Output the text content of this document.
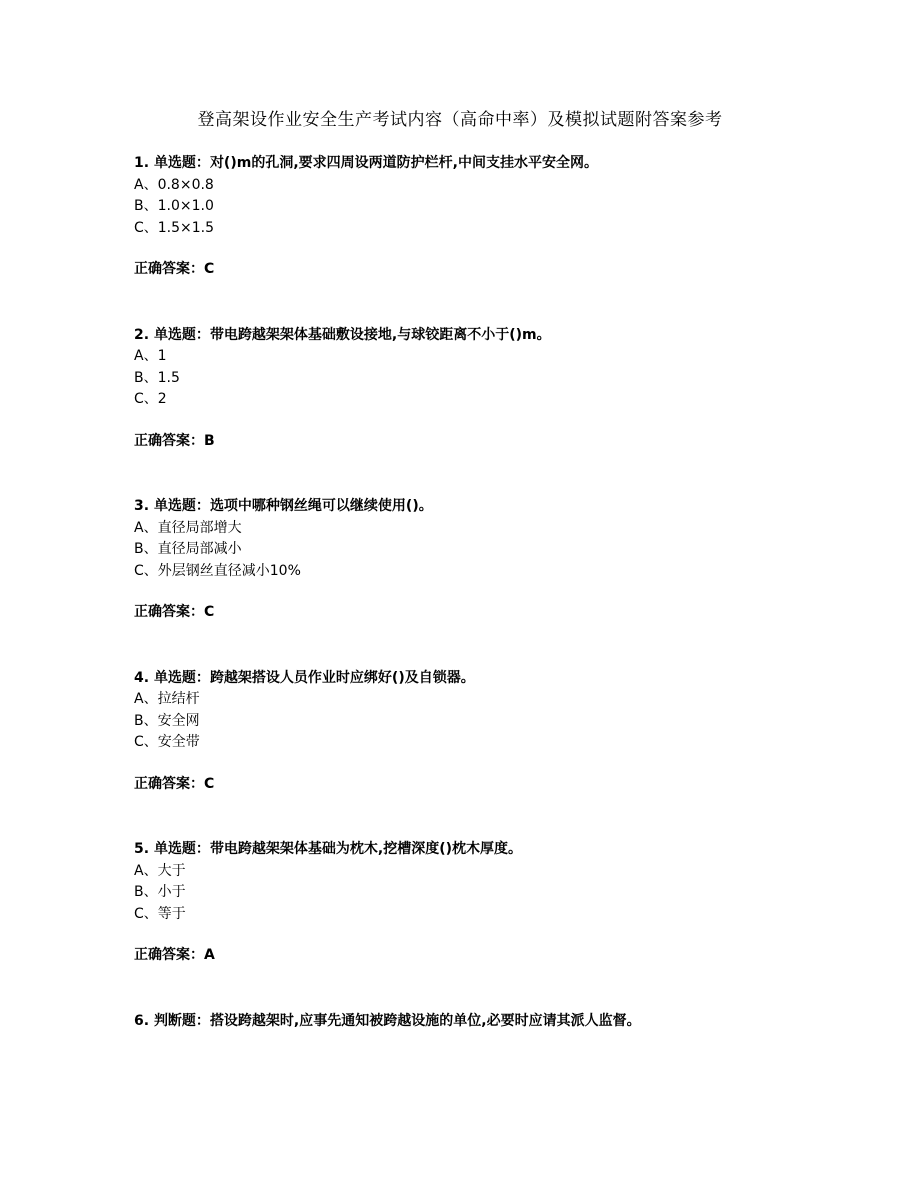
登高架设作业安全生产考试内容（高命中率）及模拟试题附答案参考
1. 单选题：对()m的孔洞,要求四周设两道防护栏杆,中间支挂水平安全网。
A、0.8×0.8
B、1.0×1.0
C、1.5×1.5
正确答案：C
2. 单选题：带电跨越架架体基础敷设接地,与球铰距离不小于()m。
A、1
B、1.5
C、2
正确答案：B
3. 单选题：选项中哪种钢丝绳可以继续使用()。
A、直径局部增大
B、直径局部减小
C、外层钢丝直径减小10%
正确答案：C
4. 单选题：跨越架搭设人员作业时应绑好()及自锁器。
A、拉结杆
B、安全网
C、安全带
正确答案：C
5. 单选题：带电跨越架架体基础为枕木,挖槽深度()枕木厚度。
A、大于
B、小于
C、等于
正确答案：A
6. 判断题：搭设跨越架时,应事先通知被跨越设施的单位,必要时应请其派人监督。
